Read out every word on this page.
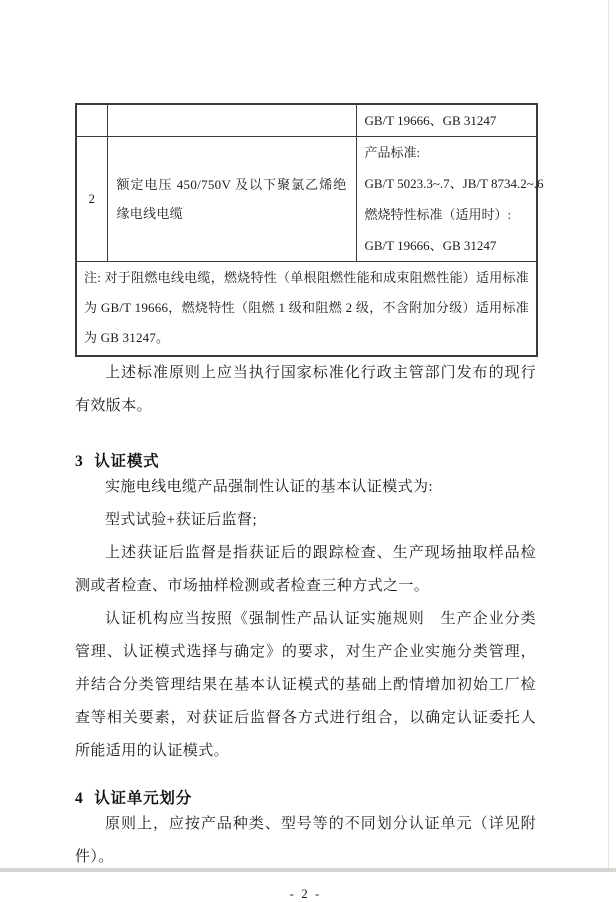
		GB/T 19666、GB 31247

2	额定电压 450/750V 及以下聚氯乙烯绝缘电线电缆	产品标准:
GB/T 5023.3~.7、JB/T 8734.2~.6
燃烧特性标准（适用时）:
GB/T 19666、GB 31247

注: 对于阻燃电线电缆，燃烧特性（单根阻燃性能和成束阻燃性能）适用标准为 GB/T 19666，燃烧特性（阻燃 1 级和阻燃 2 级，不含附加分级）适用标准为 GB 31247。		

上述标准原则上应当执行国家标准化行政主管部门发布的现行有效版本。

3 认证模式

实施电线电缆产品强制性认证的基本认证模式为:

型式试验+获证后监督;

上述获证后监督是指获证后的跟踪检查、生产现场抽取样品检测或者检查、市场抽样检测或者检查三种方式之一。

认证机构应当按照《强制性产品认证实施规则　生产企业分类管理、认证模式选择与确定》的要求，对生产企业实施分类管理，并结合分类管理结果在基本认证模式的基础上酌情增加初始工厂检查等相关要素，对获证后监督各方式进行组合，以确定认证委托人所能适用的认证模式。

4 认证单元划分

原则上，应按产品种类、型号等的不同划分认证单元（详见附件）。

- 2 -
